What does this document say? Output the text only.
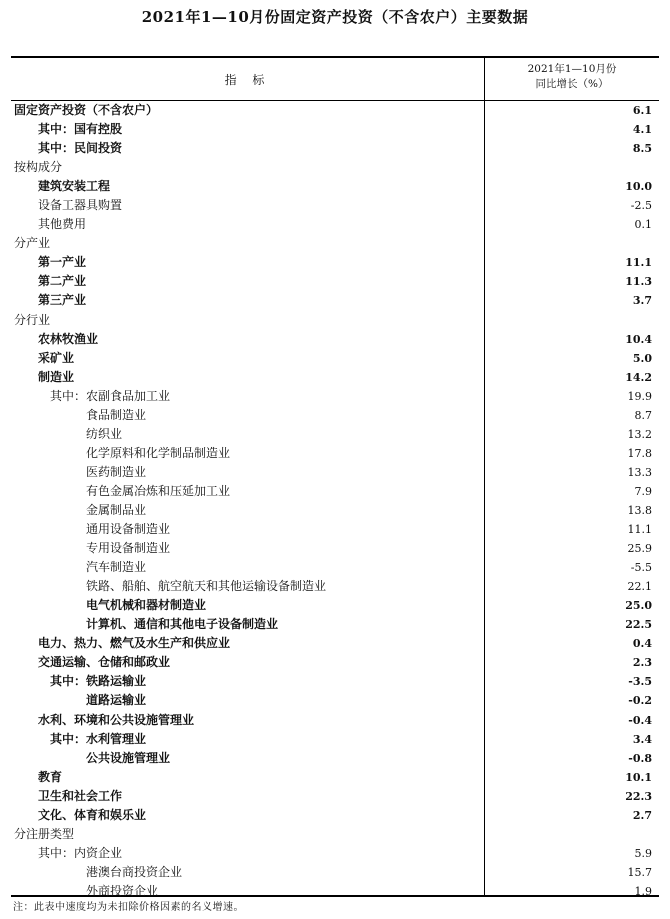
2021年1—10月份固定资产投资（不含农户）主要数据
指 标
2021年1—10月份
同比增长（%）
固定资产投资（不含农户）	6.1
其中：国有控股	4.1
其中：民间投资	8.5
按构成分
建筑安装工程	10.0
设备工器具购置	-2.5
其他费用	0.1
分产业
第一产业	11.1
第二产业	11.3
第三产业	3.7
分行业
农林牧渔业	10.4
采矿业	5.0
制造业	14.2
其中：农副食品加工业	19.9
食品制造业	8.7
纺织业	13.2
化学原料和化学制品制造业	17.8
医药制造业	13.3
有色金属冶炼和压延加工业	7.9
金属制品业	13.8
通用设备制造业	11.1
专用设备制造业	25.9
汽车制造业	-5.5
铁路、船舶、航空航天和其他运输设备制造业	22.1
电气机械和器材制造业	25.0
计算机、通信和其他电子设备制造业	22.5
电力、热力、燃气及水生产和供应业	0.4
交通运输、仓储和邮政业	2.3
其中：铁路运输业	-3.5
道路运输业	-0.2
水利、环境和公共设施管理业	-0.4
其中：水利管理业	3.4
公共设施管理业	-0.8
教育	10.1
卫生和社会工作	22.3
文化、体育和娱乐业	2.7
分注册类型
其中：内资企业	5.9
港澳台商投资企业	15.7
外商投资企业	1.9
注：此表中速度均为未扣除价格因素的名义增速。
